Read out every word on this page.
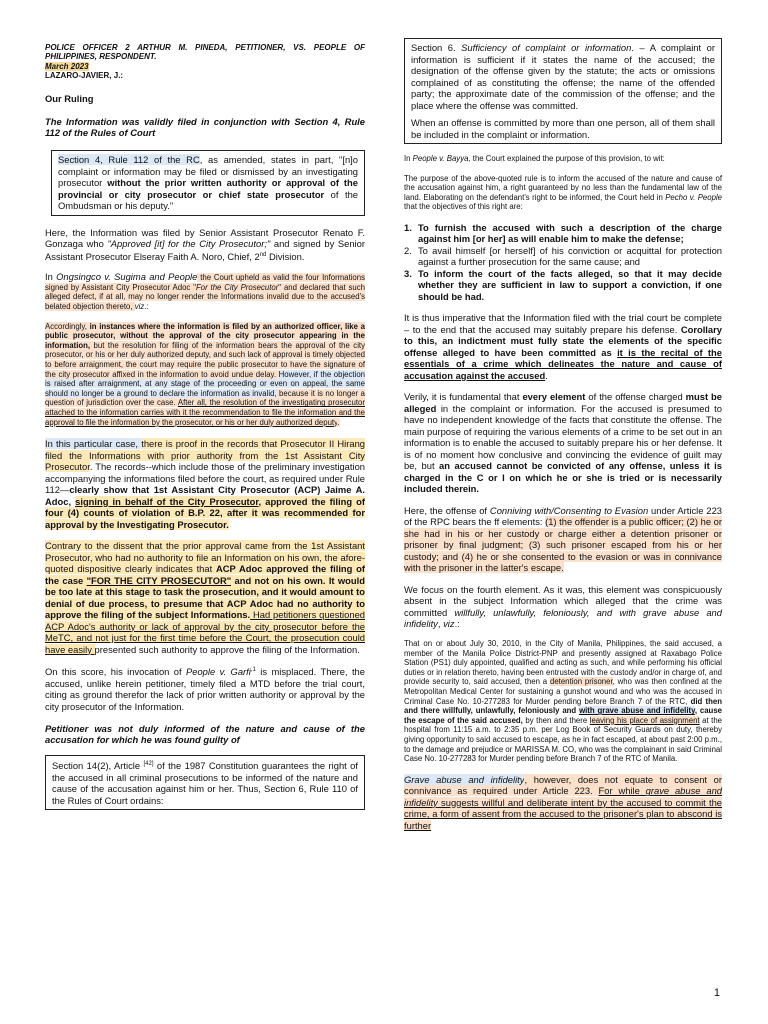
POLICE OFFICER 2 ARTHUR M. PINEDA, PETITIONER, VS. PEOPLE OF PHILIPPINES, RESPONDENT.
March 2023
LAZARO-JAVIER, J.:

Our Ruling

The Information was validly filed in conjunction with Section 4, Rule 112 of the Rules of Court

Section 4, Rule 112 of the RC, as amended, states in part, "[n]o complaint or information may be filed or dismissed by an investigating prosecutor without the prior written authority or approval of the provincial or city prosecutor or chief state prosecutor of the Ombudsman or his deputy."

Here, the Information was filed by Senior Assistant Prosecutor Renato F. Gonzaga who "Approved [it] for the City Prosecutor;" and signed by Senior Assistant Prosecutor Elseray Faith A. Noro, Chief, 2nd Division.

In Ongsingco v. Sugima and People the Court upheld as valid the four Informations signed by Assistant City Prosecutor Adoc "For the City Prosecutor" and declared that such alleged defect, if at all, may no longer render the Informations invalid due to the accused's belated objection thereto, viz.:

Accordingly, in instances where the information is filed by an authorized officer, like a public prosecutor, without the approval of the city prosecutor appearing in the information, but the resolution for filing of the information bears the approval of the city prosecutor, or his or her duly authorized deputy, and such lack of approval is timely objected to before arraignment, the court may require the public prosecutor to have the signature of the city prosecutor affixed in the information to avoid undue delay. However, if the objection is raised after arraignment, at any stage of the proceeding or even on appeal, the same should no longer be a ground to declare the information as invalid, because it is no longer a question of jurisdiction over the case. After all, the resolution of the investigating prosecutor attached to the information carries with it the recommendation to file the information and the approval to file the information by the prosecutor, or his or her duly authorized deputy.

In this particular case, there is proof in the records that Prosecutor II Hirang filed the Informations with prior authority from the 1st Assistant City Prosecutor. The records--which include those of the preliminary investigation accompanying the informations filed before the court, as required under Rule 112—clearly show that 1st Assistant City Prosecutor (ACP) Jaime A. Adoc, signing in behalf of the City Prosecutor, approved the filing of four (4) counts of violation of B.P. 22, after it was recommended for approval by the Investigating Prosecutor.

Contrary to the dissent that the prior approval came from the 1st Assistant Prosecutor, who had no authority to file an Information on his own, the afore-quoted dispositive clearly indicates that ACP Adoc approved the filing of the case "FOR THE CITY PROSECUTOR" and not on his own. It would be too late at this stage to task the prosecution, and it would amount to denial of due process, to presume that ACP Adoc had no authority to approve the filing of the subject Informations. Had petitioners questioned ACP Adoc's authority or lack of approval by the city prosecutor before the MeTC, and not just for the first time before the Court, the prosecution could have easily presented such authority to approve the filing of the Information.

On this score, his invocation of People v. Garfi$^{,1}$ is misplaced. There, the accused, unlike herein petitioner, timely filed a MTD before the trial court, citing as ground therefor the lack of prior written authority or approval by the city prosecutor of the Information.

Petitioner was not duly informed of the nature and cause of the accusation for which he was found guilty of

Section 14(2), Article [42] of the 1987 Constitution guarantees the right of the accused in all criminal prosecutions to be informed of the nature and cause of the accusation against him or her. Thus, Section 6, Rule 110 of the Rules of Court ordains:

Section 6. Sufficiency of complaint or information. – A complaint or information is sufficient if it states the name of the accused; the designation of the offense given by the statute; the acts or omissions complained of as constituting the offense; the name of the offended party; the approximate date of the commission of the offense; and the place where the offense was committed.

When an offense is committed by more than one person, all of them shall be included in the complaint or information.

In People v. Bayya, the Court explained the purpose of this provision, to wit:

The purpose of the above-quoted rule is to inform the accused of the nature and cause of the accusation against him, a right guaranteed by no less than the fundamental law of the land. Elaborating on the defendant's right to be informed, the Court held in Pecho v. People that the objectives of this right are:

1. To furnish the accused with such a description of the charge against him [or her] as will enable him to make the defense;
2. To avail himself [or herself] of his conviction or acquittal for protection against a further prosecution for the same cause; and
3. To inform the court of the facts alleged, so that it may decide whether they are sufficient in law to support a conviction, if one should be had.

It is thus imperative that the Information filed with the trial court be complete – to the end that the accused may suitably prepare his defense. Corollary to this, an indictment must fully state the elements of the specific offense alleged to have been committed as it is the recital of the essentials of a crime which delineates the nature and cause of accusation against the accused.

Verily, it is fundamental that every element of the offense charged must be alleged in the complaint or information. For the accused is presumed to have no independent knowledge of the facts that constitute the offense. The main purpose of requiring the various elements of a crime to be set out in an information is to enable the accused to suitably prepare his or her defense. It is of no moment how conclusive and convincing the evidence of guilt may be, but an accused cannot be convicted of any offense, unless it is charged in the C or I on which he or she is tried or is necessarily included therein.

Here, the offense of Conniving with/Consenting to Evasion under Article 223 of the RPC bears the ff elements: (1) the offender is a public officer; (2) he or she had in his or her custody or charge either a detention prisoner or prisoner by final judgment; (3) such prisoner escaped from his or her custody; and (4) he or she consented to the evasion or was in connivance with the prisoner in the latter's escape.

We focus on the fourth element. As it was, this element was conspicuously absent in the subject Information which alleged that the crime was committed willfully, unlawfully, feloniously, and with grave abuse and infidelity, viz.:

That on or about July 30, 2010, in the City of Manila, Philippines, the said accused, a member of the Manila Police District-PNP and presently assigned at Raxabago Police Station (PS1) duly appointed, qualified and acting as such, and while performing his official duties or in relation thereto, having been entrusted with the custody and/or in charge of, and provide security to, said accused, then a detention prisoner, who was then confined at the Metropolitan Medical Center for sustaining a gunshot wound and who was the accused in Criminal Case No. 10-277283 for Murder pending before Branch 7 of the RTC, did then and there willfully, unlawfully, feloniously and with grave abuse and infidelity, cause the escape of the said accused, by then and there leaving his place of assignment at the hospital from 11:15 a.m. to 2:35 p.m. per Log Book of Security Guards on duty, thereby giving opportunity to said accused to escape, as he in fact escaped, at about past 2:00 p.m., to the damage and prejudice or MARISSA M. CO, who was the complainant in said Criminal Case No. 10-277283 for Murder pending before Branch 7 of the RTC of Manila.

Grave abuse and infidelity, however, does not equate to consent or connivance as required under Article 223. For while grave abuse and infidelity suggests willful and deliberate intent by the accused to commit the crime, a form of assent from the accused to the prisoner's plan to abscond is further

1
